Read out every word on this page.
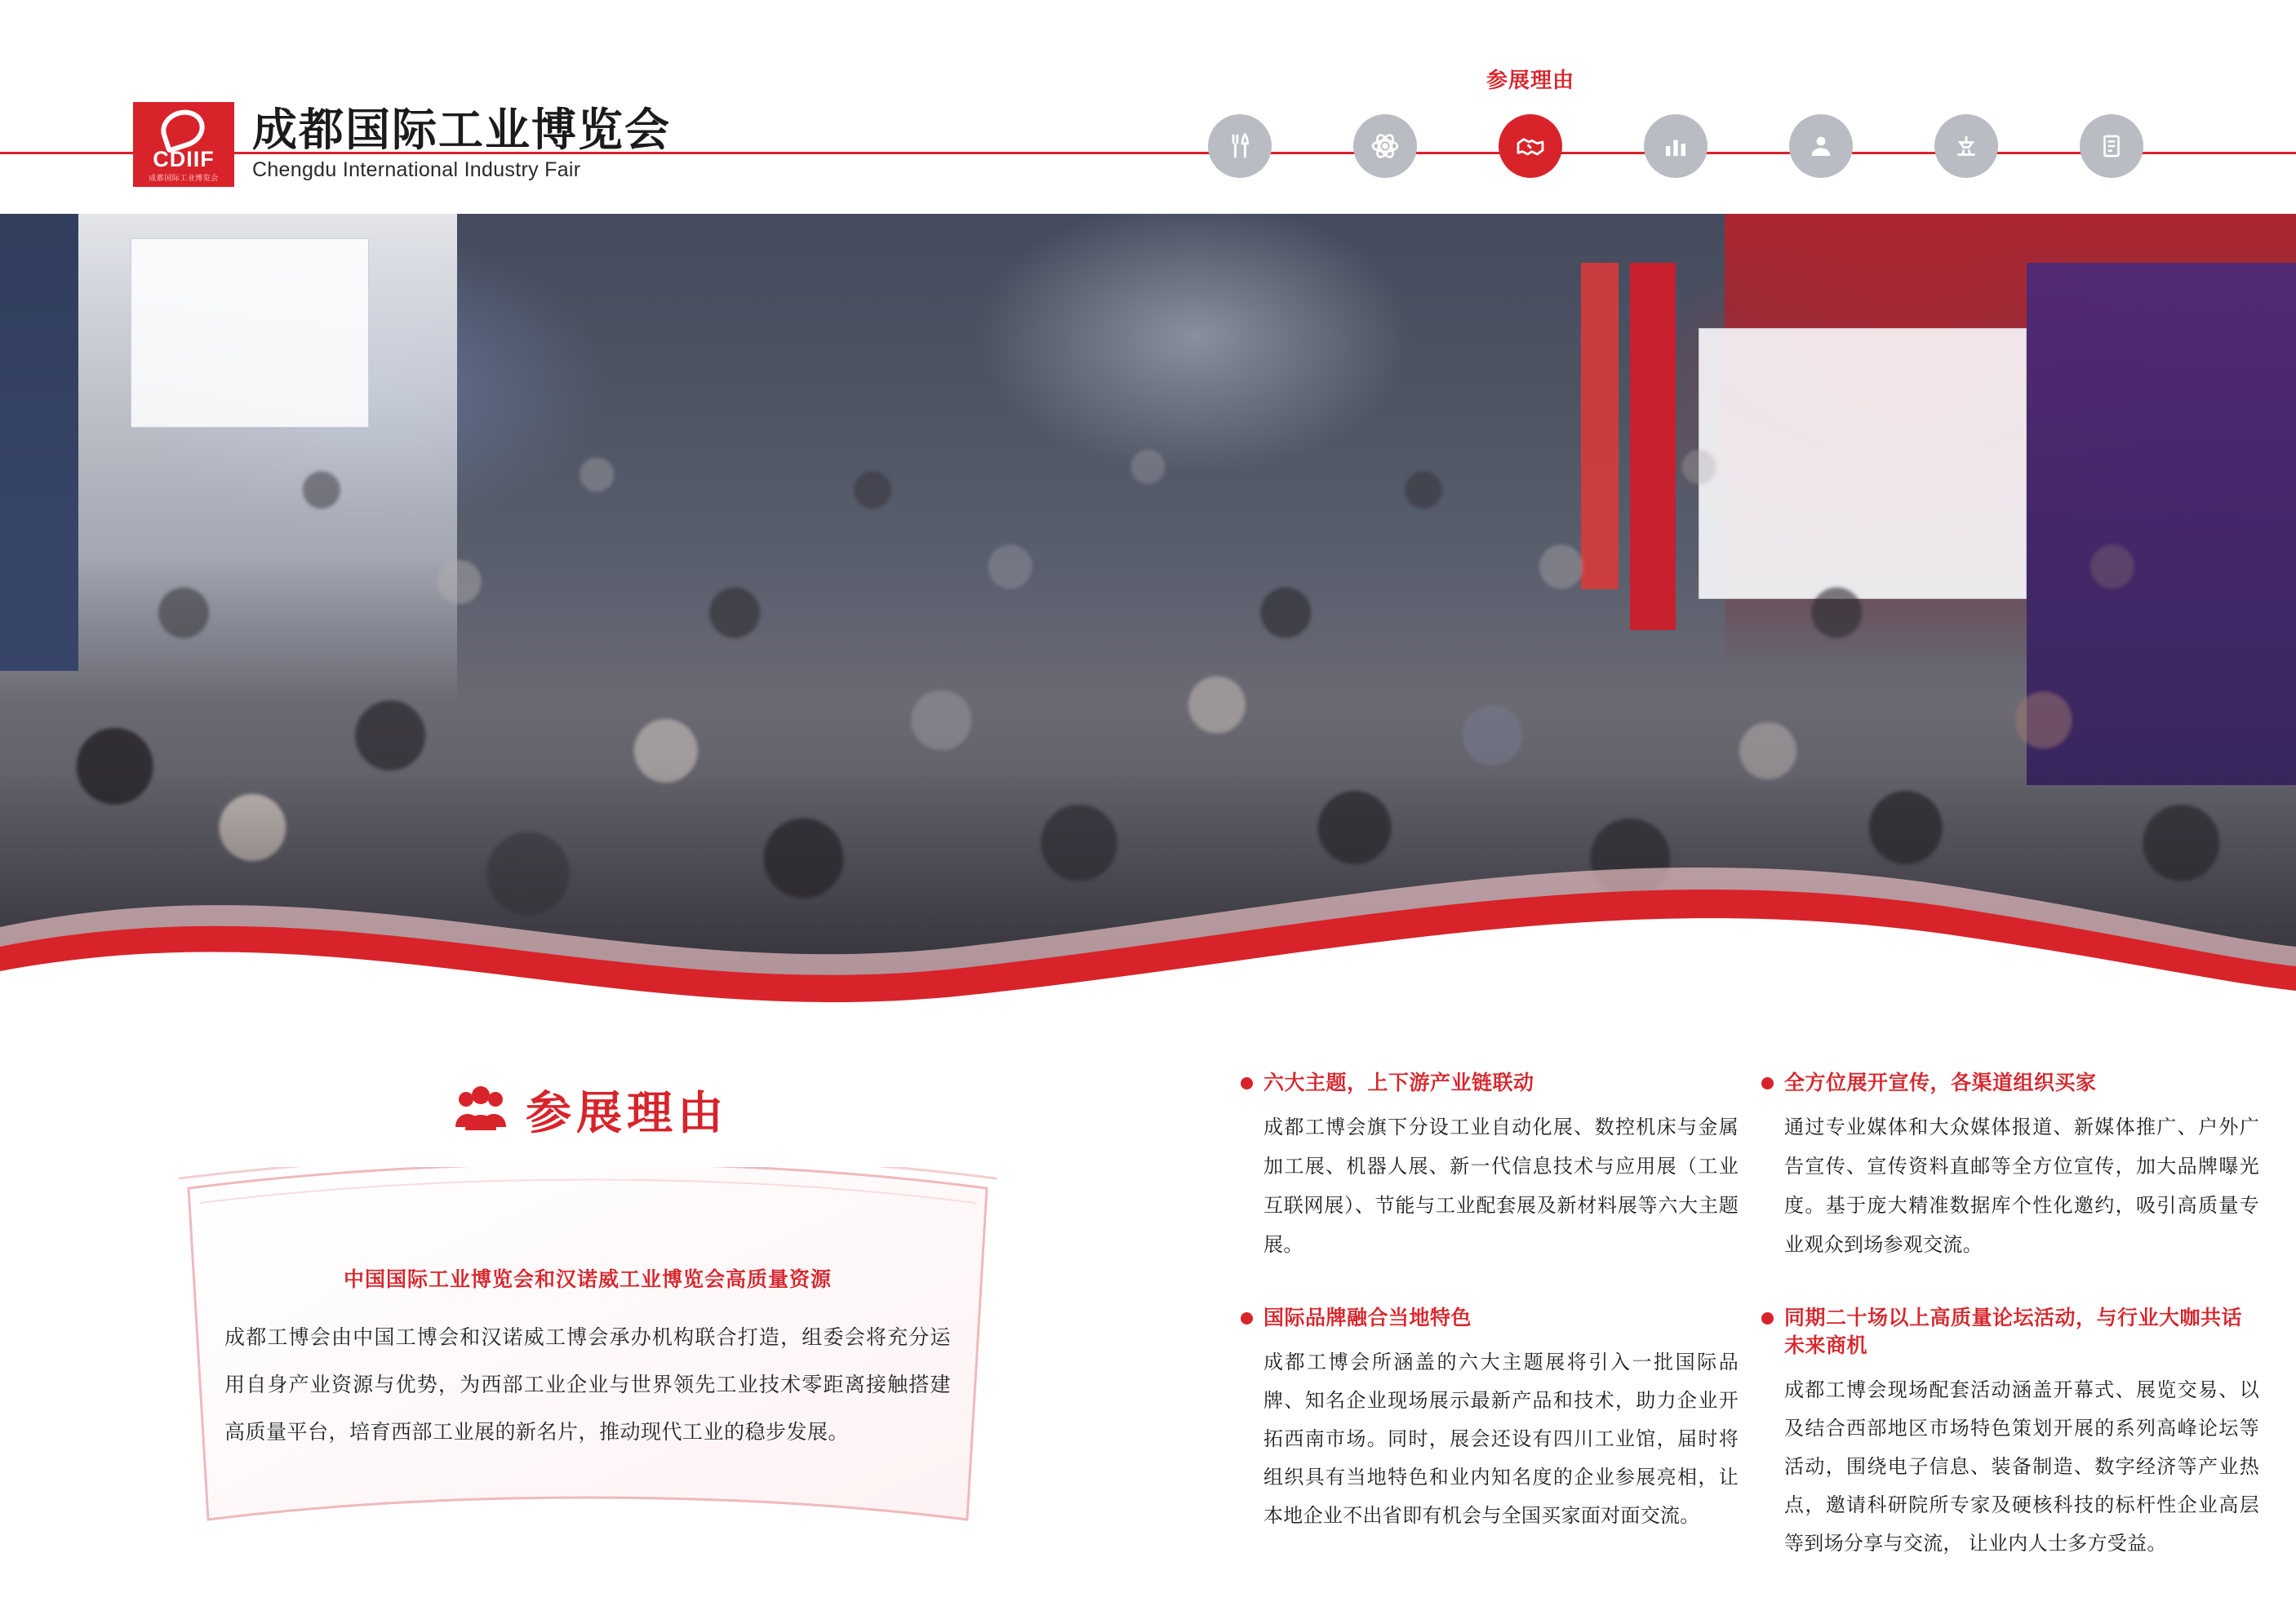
CDIIF
成都国际工业博览会
成都国际工业博览会
Chengdu International Industry Fair
参展理由
参展理由
中国国际工业博览会和汉诺威工业博览会高质量资源
成都工博会由中国工博会和汉诺威工博会承办机构联合打造，组委会将充分运用自身产业资源与优势，为西部工业企业与世界领先工业技术零距离接触搭建高质量平台，培育西部工业展的新名片，推动现代工业的稳步发展。
六大主题，上下游产业链联动
成都工博会旗下分设工业自动化展、数控机床与金属加工展、机器人展、新一代信息技术与应用展（工业互联网展）、节能与工业配套展及新材料展等六大主题展。
国际品牌融合当地特色
成都工博会所涵盖的六大主题展将引入一批国际品牌、知名企业现场展示最新产品和技术，助力企业开拓西南市场。同时，展会还设有四川工业馆，届时将组织具有当地特色和业内知名度的企业参展亮相，让本地企业不出省即有机会与全国买家面对面交流。
全方位展开宣传，各渠道组织买家
通过专业媒体和大众媒体报道、新媒体推广、户外广告宣传、宣传资料直邮等全方位宣传，加大品牌曝光度。基于庞大精准数据库个性化邀约，吸引高质量专业观众到场参观交流。
同期二十场以上高质量论坛活动，与行业大咖共话未来商机
成都工博会现场配套活动涵盖开幕式、展览交易、以及结合西部地区市场特色策划开展的系列高峰论坛等活动，围绕电子信息、装备制造、数字经济等产业热点，邀请科研院所专家及硬核科技的标杆性企业高层等到场分享与交流， 让业内人士多方受益。
